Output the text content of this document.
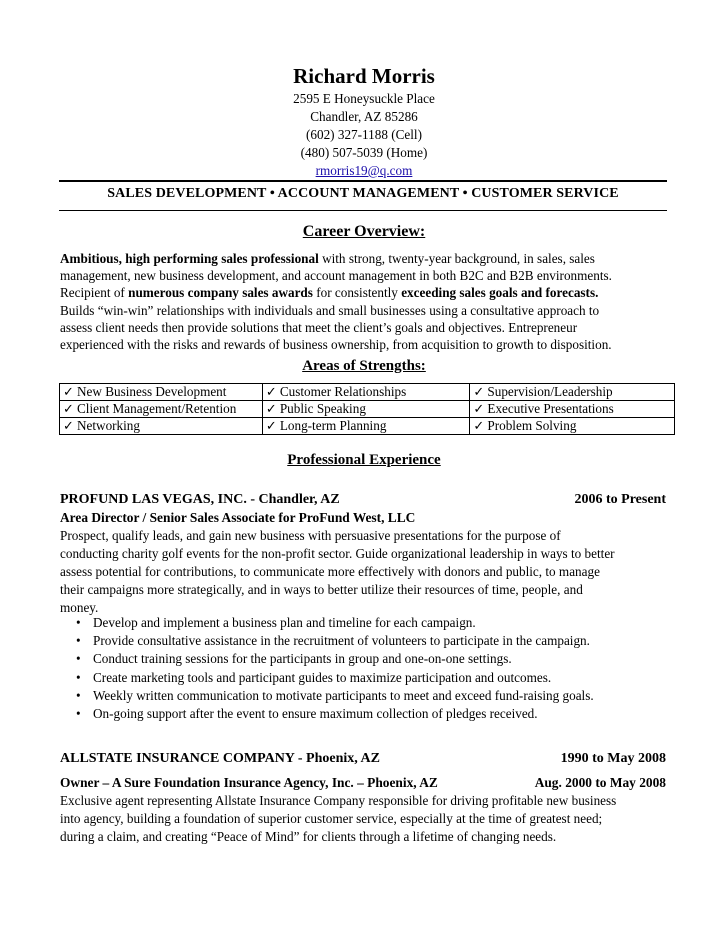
Richard Morris
2595 E Honeysuckle Place
Chandler, AZ 85286
(602) 327-1188 (Cell)
(480) 507-5039 (Home)
rmorris19@q.com
SALES DEVELOPMENT • ACCOUNT MANAGEMENT • CUSTOMER SERVICE
Career Overview:

Ambitious, high performing sales professional with strong, twenty-year background, in sales, sales

management, new business development, and account management in both B2C and B2B environments.

Recipient of numerous company sales awards for consistently exceeding sales goals and forecasts.

Builds “win-win” relationships with individuals and small businesses using a consultative approach to

assess client needs then provide solutions that meet the client’s goals and objectives. Entrepreneur

experienced with the risks and rewards of business ownership, from acquisition to growth to disposition.

Areas of Strengths:
✓ New Business Development	✓ Customer Relationships	✓ Supervision/Leadership
✓ Client Management/Retention	✓ Public Speaking	✓ Executive Presentations
✓ Networking	✓ Long-term Planning	✓ Problem Solving
Professional Experience
PROFUND LAS VEGAS, INC. - Chandler, AZ	2006 to Present
Area Director / Senior Sales Associate for ProFund West, LLC

Prospect, qualify leads, and gain new business with persuasive presentations for the purpose of

conducting charity golf events for the non-profit sector. Guide organizational leadership in ways to better

assess potential for contributions, to communicate more effectively with donors and public, to manage

their campaigns more strategically, and in ways to better utilize their resources of time, people, and

money.

• Develop and implement a business plan and timeline for each campaign.
• Provide consultative assistance in the recruitment of volunteers to participate in the campaign.
• Conduct training sessions for the participants in group and one-on-one settings.
• Create marketing tools and participant guides to maximize participation and outcomes.
• Weekly written communication to motivate participants to meet and exceed fund-raising goals.
• On-going support after the event to ensure maximum collection of pledges received.
ALLSTATE INSURANCE COMPANY - Phoenix, AZ	1990 to May 2008
Owner – A Sure Foundation Insurance Agency, Inc. – Phoenix, AZ	Aug. 2000 to May 2008

Exclusive agent representing Allstate Insurance Company responsible for driving profitable new business

into agency, building a foundation of superior customer service, especially at the time of greatest need;

during a claim, and creating “Peace of Mind” for clients through a lifetime of changing needs.
